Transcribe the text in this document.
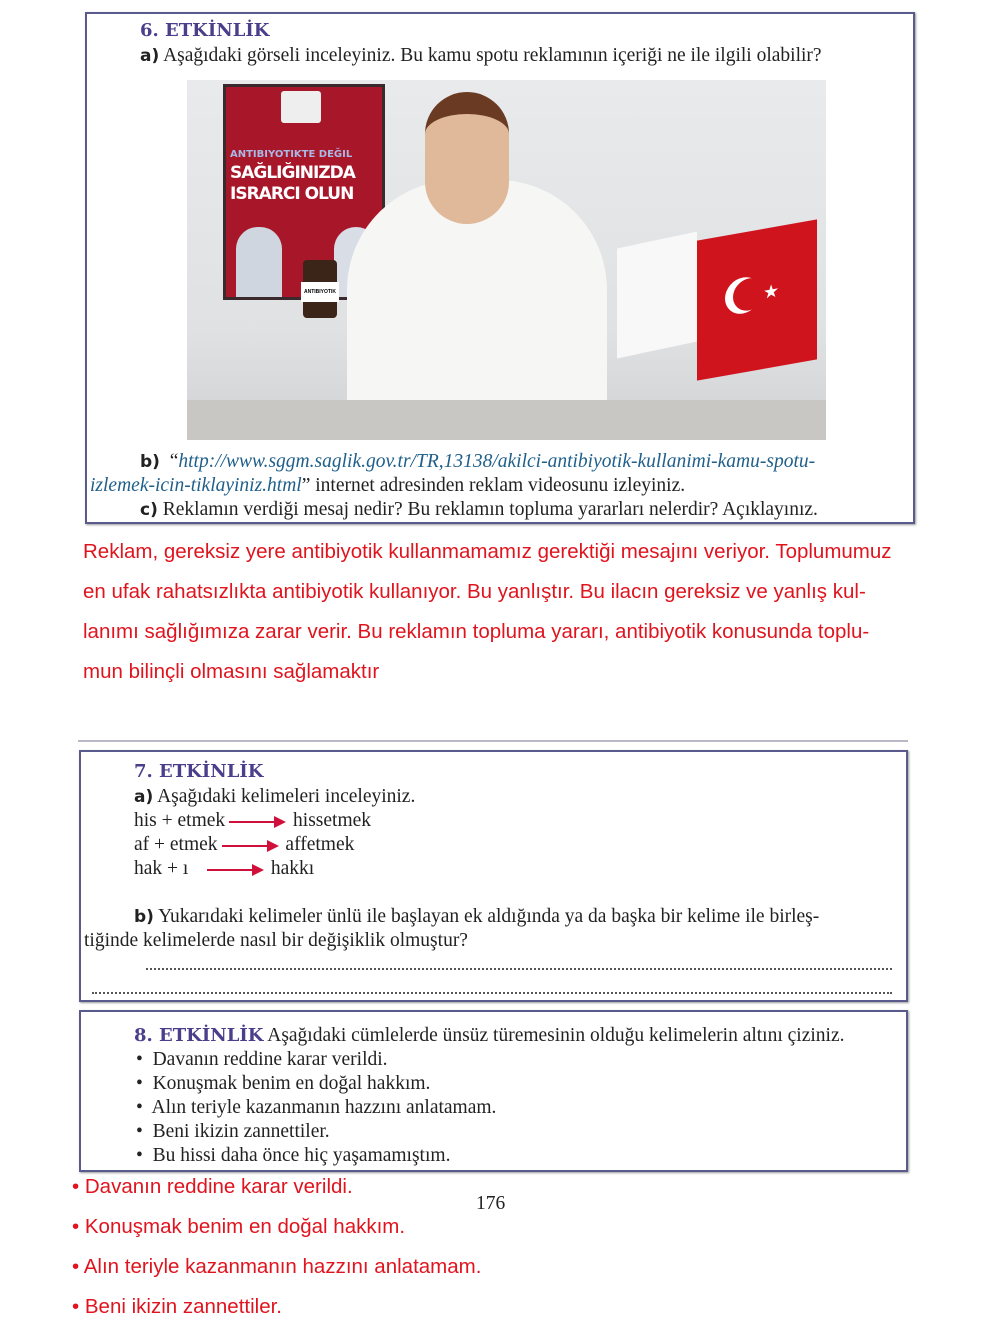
6. ETKİNLİK
a) Aşağıdaki görseli inceleyiniz. Bu kamu spotu reklamının içeriği ne ile ilgili olabilir?
ANTIBIYOTIKTE DEĞIL
SAĞLIĞINIZDA
ISRARCI OLUN
ANTIBIYOTIK	★
b) “http://www.sggm.saglik.gov.tr/TR,13138/akilci-antibiyotik-kullanimi-kamu-spotu-
izlemek-icin-tiklayiniz.html” internet adresinden reklam videosunu izleyiniz.
c) Reklamın verdiği mesaj nedir? Bu reklamın topluma yararları nelerdir? Açıklayınız.
Reklam, gereksiz yere antibiyotik kullanmamamız gerektiği mesajını veriyor. Toplumumuz
en ufak rahatsızlıkta antibiyotik kullanıyor. Bu yanlıştır. Bu ilacın gereksiz ve yanlış kul-
lanımı sağlığımıza zarar verir. Bu reklamın topluma yararı, antibiyotik konusunda toplu-
mun bilinçli olmasını sağlamaktır
7. ETKİNLİK
a) Aşağıdaki kelimeleri inceleyiniz.
his + etmek	hissetmek
af + etmek	affetmek
hak + ı	hakkı
b) Yukarıdaki kelimeler ünlü ile başlayan ek aldığında ya da başka bir kelime ile birleş-
tiğinde kelimelerde nasıl bir değişiklik olmuştur?
8. ETKİNLİK Aşağıdaki cümlelerde ünsüz türemesinin olduğu kelimelerin altını çiziniz.
•  Davanın reddine karar verildi.
•  Konuşmak benim en doğal hakkım.
•  Alın teriyle kazanmanın hazzını anlatamam.
•  Beni ikizin zannettiler.
•  Bu hissi daha önce hiç yaşamamıştım.
• Davanın reddine karar verildi.
• Konuşmak benim en doğal hakkım.
• Alın teriyle kazanmanın hazzını anlatamam.
• Beni ikizin zannettiler.
176
